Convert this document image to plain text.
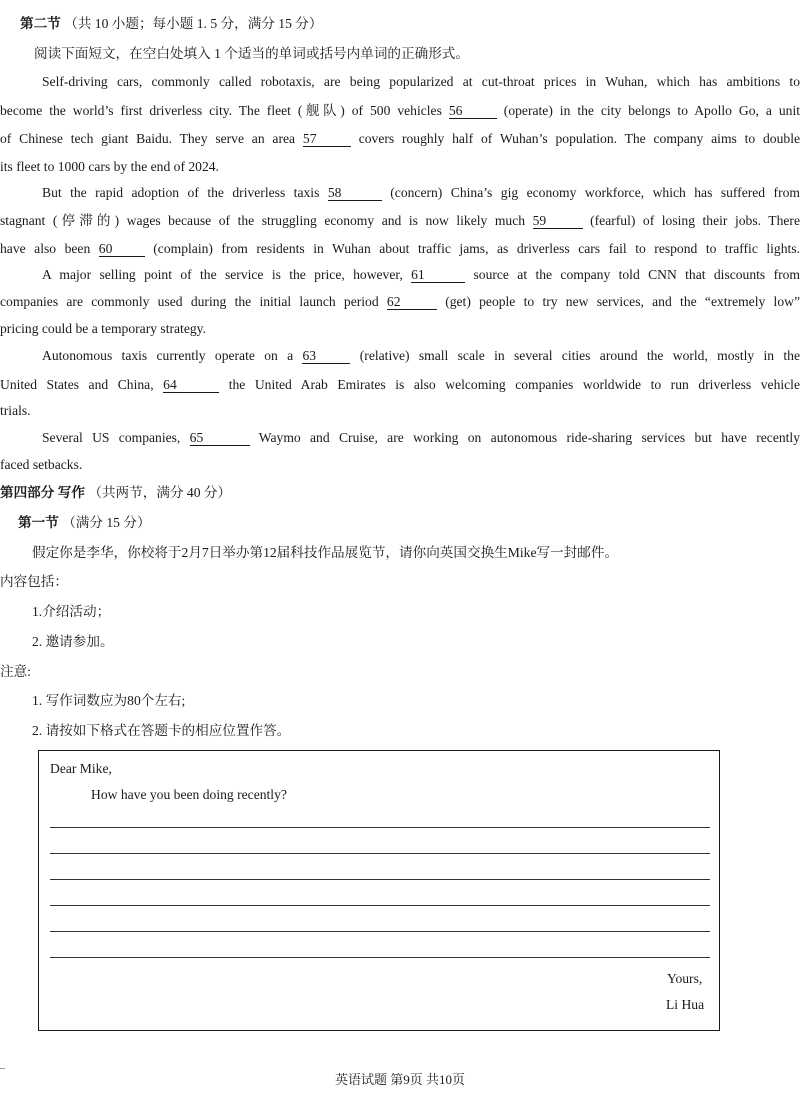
第二节 （共 10 小题；每小题 1. 5 分，满分 15 分）
阅读下面短文，在空白处填入 1 个适当的单词或括号内单词的正确形式。
Self-driving cars, commonly called robotaxis, are being popularized at cut-throat prices in Wuhan, which has ambitions to
become the world’s first driverless city. The fleet (舰队) of 500 vehicles 56	(operate) in the city belongs to Apollo Go, a unit
of Chinese tech giant Baidu. They serve an area 57	covers roughly half of Wuhan’s population. The company aims to double
its fleet to 1000 cars by the end of 2024.
But the rapid adoption of the driverless taxis 58	(concern) China’s gig economy workforce, which has suffered from
stagnant (停滞的) wages because of the struggling economy and is now likely much 59	(fearful) of losing their jobs. There
have also been 60	(complain) from residents in Wuhan about traffic jams, as driverless cars fail to respond to traffic lights.
A major selling point of the service is the price, however, 61	source at the company told CNN that discounts from
companies are commonly used during the initial launch period 62	(get) people to try new services, and the “extremely low”
pricing could be a temporary strategy.
Autonomous taxis currently operate on a 63	(relative) small scale in several cities around the world, mostly in the
United States and China, 64	the United Arab Emirates is also welcoming companies worldwide to run driverless vehicle
trials.
Several US companies, 65	Waymo and Cruise, are working on autonomous ride-sharing services but have recently
faced setbacks.
第四部分 写作 （共两节，满分 40 分）
第一节 （满分 15 分）
假定你是李华，你校将于2月7日举办第12届科技作品展览节，请你向英国交换生Mike写一封邮件。
内容包括：
1.介绍活动；
2. 邀请参加。
注意:
1. 写作词数应为80个左右;
2. 请按如下格式在答题卡的相应位置作答。
Dear Mike,
How have you been doing recently?
Yours,
Li Hua
英语试题 第9页 共10页
